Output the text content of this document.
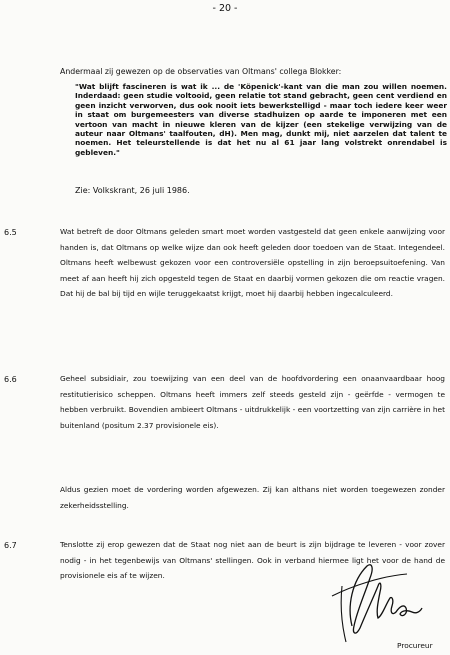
- 20 -
Andermaal zij gewezen op de observaties van Oltmans' collega Blokker:
"Wat blijft fascineren is wat ik ... de 'Köpenick'-kant van die man zou willen noemen. Inderdaad: geen studie voltooid, geen relatie tot stand gebracht, geen cent verdiend en geen inzicht verworven, dus ook nooit iets bewerkstelligd - maar toch iedere keer weer in staat om burgemeesters van diverse stadhuizen op aarde te imponeren met een vertoon van macht in nieuwe kleren van de kijzer (een stekelige verwijzing van de auteur naar Oltmans' taalfouten, dH). Men mag, dunkt mij, niet aarzelen dat talent te noemen. Het teleurstellende is dat het nu al 61 jaar lang volstrekt onrendabel is gebleven."
Zie: Volkskrant, 26 juli 1986.
6.5	Wat betreft de door Oltmans geleden smart moet worden vastgesteld dat geen enkele aanwijzing voor handen is, dat Oltmans op welke wijze dan ook heeft geleden door toedoen van de Staat. Integendeel. Oltmans heeft welbewust gekozen voor een controversiële opstelling in zijn beroepsuitoefening. Van meet af aan heeft hij zich opgesteld tegen de Staat en daarbij vormen gekozen die om reactie vragen. Dat hij de bal bij tijd en wijle teruggekaatst krijgt, moet hij daarbij hebben ingecalculeerd.
6.6	Geheel subsidiair, zou toewijzing van een deel van de hoofdvordering een onaanvaardbaar hoog restitutierisico scheppen. Oltmans heeft immers zelf steeds gesteld zijn - geërfde - vermogen te hebben verbruikt. Bovendien ambieert Oltmans - uitdrukkelijk - een voortzetting van zijn carrière in het buitenland (positum 2.37 provisionele eis).
Aldus gezien moet de vordering worden afgewezen. Zij kan althans niet worden toegewezen zonder zekerheidsstelling.
6.7	Tenslotte zij erop gewezen dat de Staat nog niet aan de beurt is zijn bijdrage te leveren - voor zover nodig - in het tegenbewijs van Oltmans' stellingen. Ook in verband hiermee ligt het voor de hand de provisionele eis af te wijzen.
Procureur
